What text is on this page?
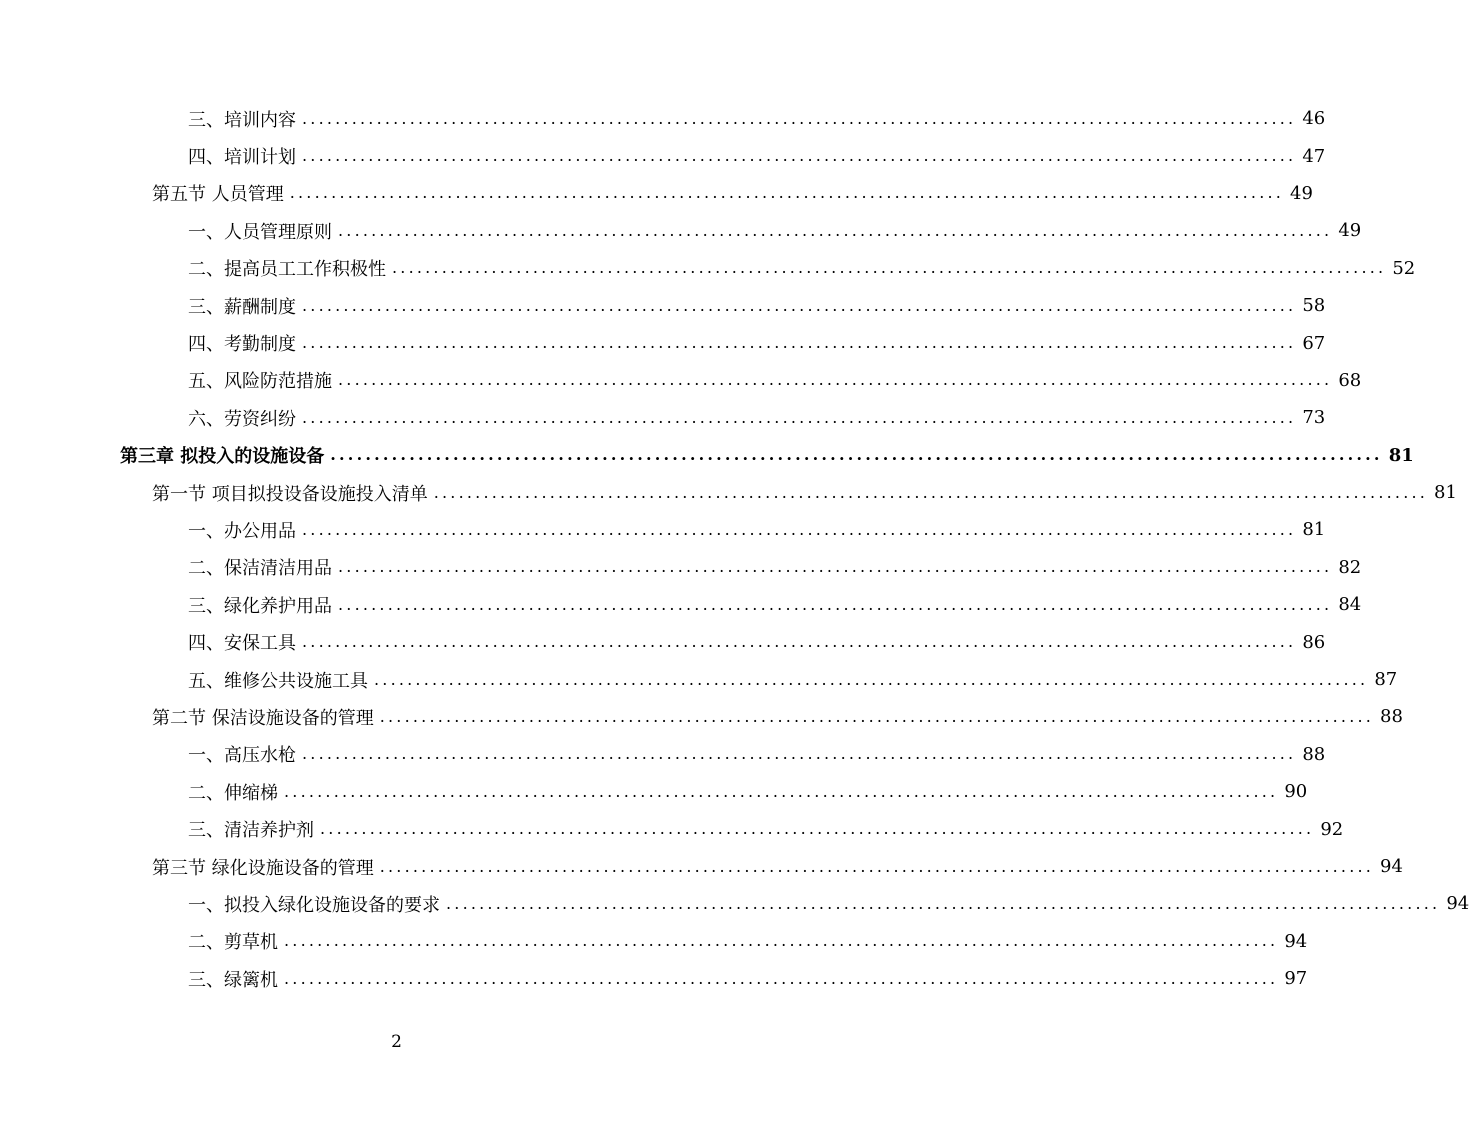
三、培训内容 ........................................................................................................................ 46
四、培训计划 ........................................................................................................................ 47
第五节 人员管理 ........................................................................................................................ 49
一、人员管理原则 ........................................................................................................................ 49
二、提高员工工作积极性 ........................................................................................................................ 52
三、薪酬制度 ........................................................................................................................ 58
四、考勤制度 ........................................................................................................................ 67
五、风险防范措施 ........................................................................................................................ 68
六、劳资纠纷 ........................................................................................................................ 73
第三章 拟投入的设施设备 ........................................................................................................................ 81
第一节 项目拟投设备设施投入清单 ........................................................................................................................ 81
一、办公用品 ........................................................................................................................ 81
二、保洁清洁用品 ........................................................................................................................ 82
三、绿化养护用品 ........................................................................................................................ 84
四、安保工具 ........................................................................................................................ 86
五、维修公共设施工具 ........................................................................................................................ 87
第二节 保洁设施设备的管理 ........................................................................................................................ 88
一、高压水枪 ........................................................................................................................ 88
二、伸缩梯 ........................................................................................................................ 90
三、清洁养护剂 ........................................................................................................................ 92
第三节 绿化设施设备的管理 ........................................................................................................................ 94
一、拟投入绿化设施设备的要求 ........................................................................................................................ 94
二、剪草机 ........................................................................................................................ 94
三、绿篱机 ........................................................................................................................ 97
2
